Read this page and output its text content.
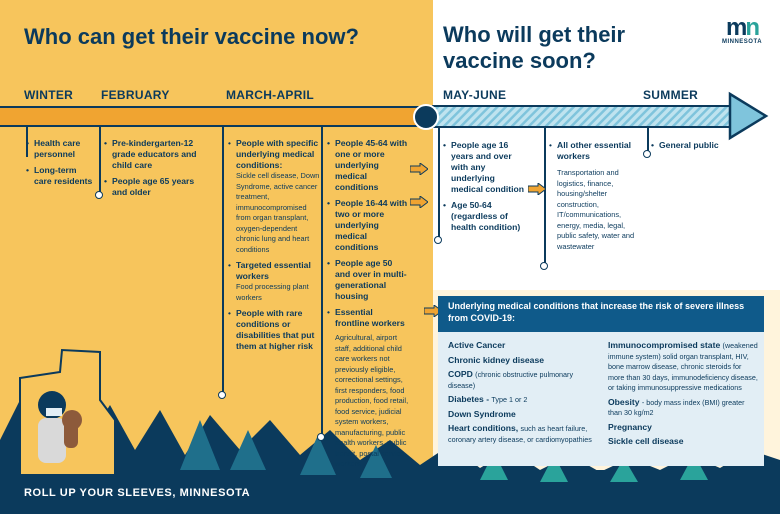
Who can get their vaccine now?	Who will get their vaccine soon?
mn
MINNESOTA
WINTER FEBRUARY	MARCH-APRIL	MAY-JUNE	SUMMER
• Health care personnel
• Long-term care residents
• Pre-kindergarten-12 grade educators and child care
• People age 65 years and older
• People with specific underlying medical conditions:
Sickle cell disease, Down Syndrome, active cancer treatment, immunocompromised from organ transplant, oxygen-dependent chronic lung and heart conditions
• Targeted essential workers
Food processing plant workers
• People with rare conditions or disabilities that put them at higher risk
• People 45-64 with one or more underlying medical conditions
• People 16-44 with two or more underlying medical conditions
• People age 50 and over in multi-generational housing
• Essential frontline workers
Agricultural, airport staff, additional child care workers not previously eligible, correctional settings, first responders, food production, food retail, food service, judicial system workers, manufacturing, public health workers, public transit, postal service workers
• People age 16 years and over with any underlying medical condition
• Age 50-64 (regardless of health condition)
• All other essential workers
Transportation and logistics, finance, housing/shelter construction, IT/communications, energy, media, legal, public safety, water and wastewater
• General public
Underlying medical conditions that increase the risk of severe illness from COVID-19:
Active Cancer
Chronic kidney disease
COPD (chronic obstructive pulmonary disease)
Diabetes - Type 1 or 2
Down Syndrome
Heart conditions, such as heart failure, coronary artery disease, or cardiomyopathies
Immunocompromised state (weakened immune system) solid organ transplant, HIV, bone marrow disease, chronic steroids for more than 30 days, immunodeficiency disease, or taking immunosuppressive medications
Obesity - body mass index (BMI) greater than 30 kg/m2
Pregnancy
Sickle cell disease
ROLL UP YOUR SLEEVES, MINNESOTA
